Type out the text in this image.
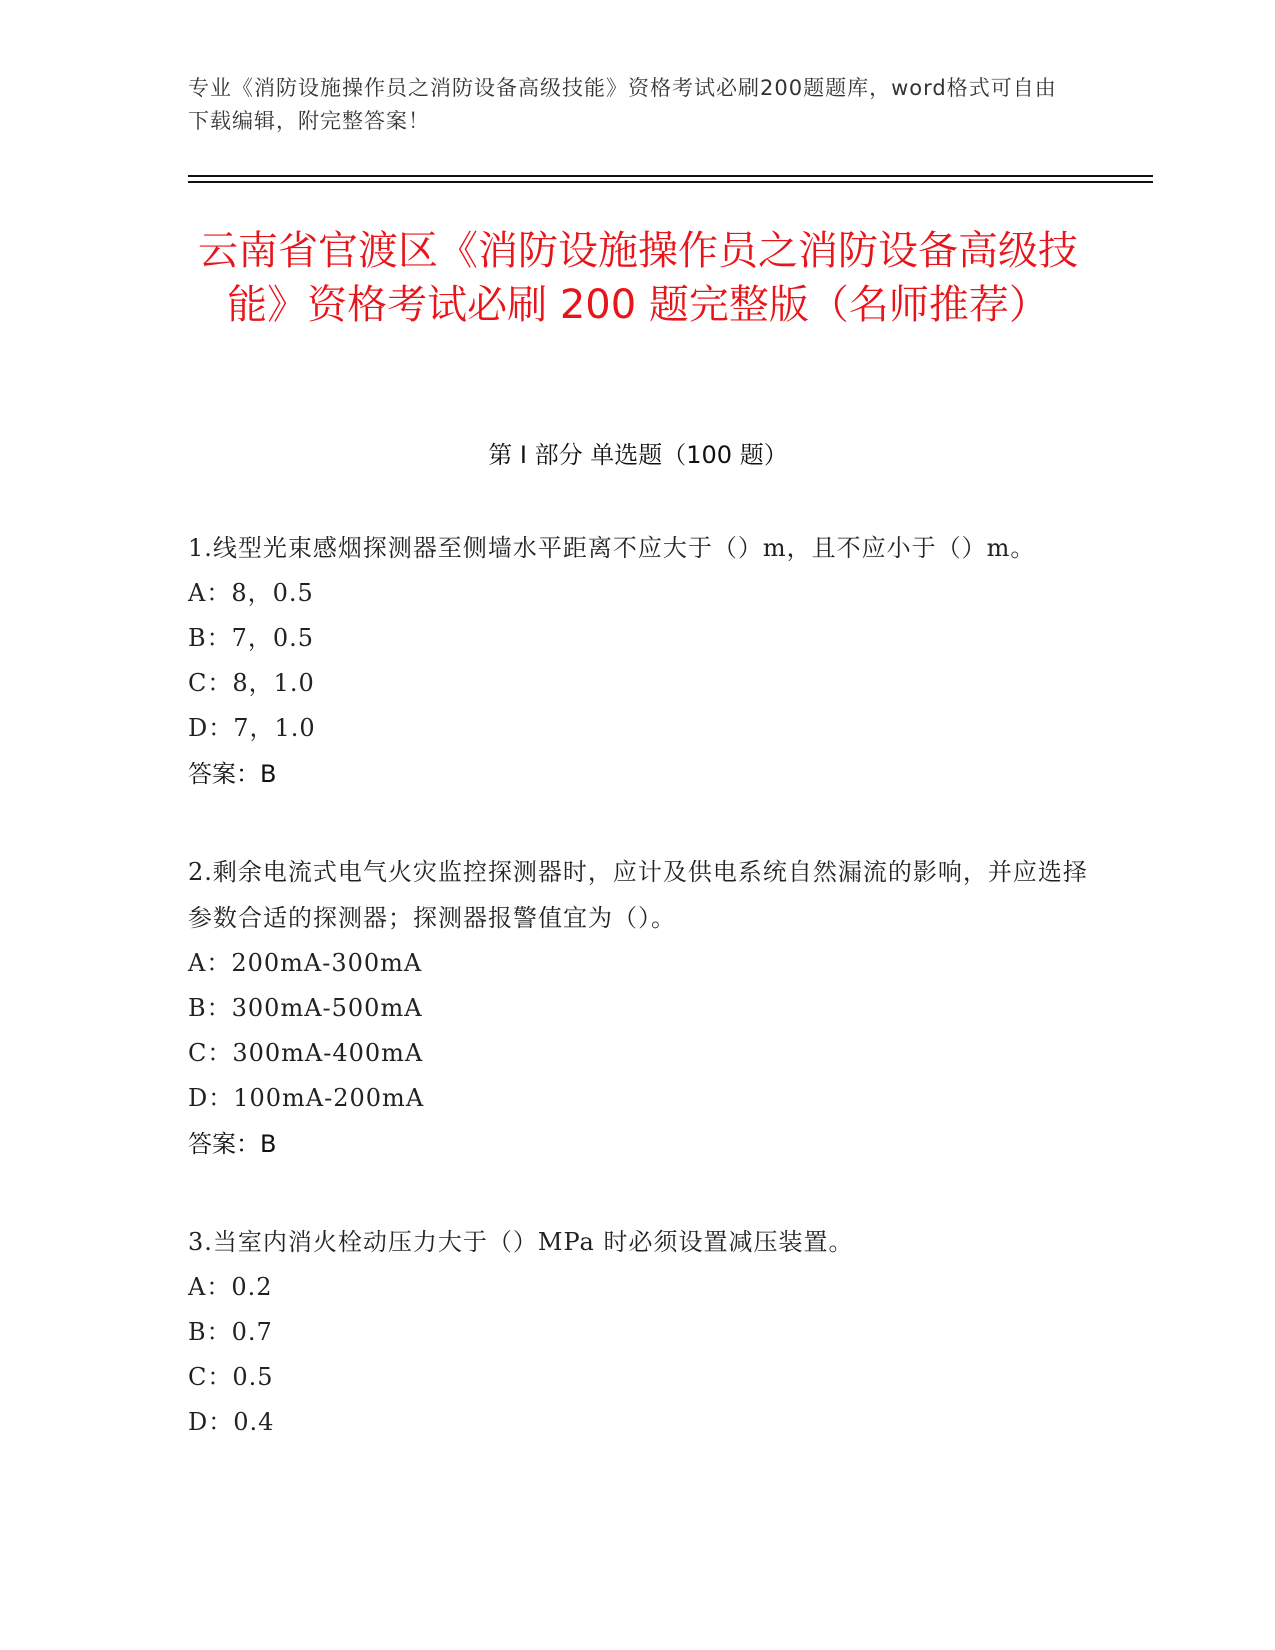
专业《消防设施操作员之消防设备高级技能》资格考试必刷200题题库，word格式可自由下载编辑，附完整答案！
云南省官渡区《消防设施操作员之消防设备高级技能》资格考试必刷 200 题完整版（名师推荐）
第 I 部分 单选题（100 题）
1.线型光束感烟探测器至侧墙水平距离不应大于（）m，且不应小于（）m。
A：8，0.5
B：7，0.5
C：8，1.0
D：7，1.0
答案：B
2.剩余电流式电气火灾监控探测器时，应计及供电系统自然漏流的影响，并应选择参数合适的探测器；探测器报警值宜为（）。
A：200mA-300mA
B：300mA-500mA
C：300mA-400mA
D：100mA-200mA
答案：B
3.当室内消火栓动压力大于（）MPa 时必须设置减压装置。
A：0.2
B：0.7
C：0.5
D：0.4
